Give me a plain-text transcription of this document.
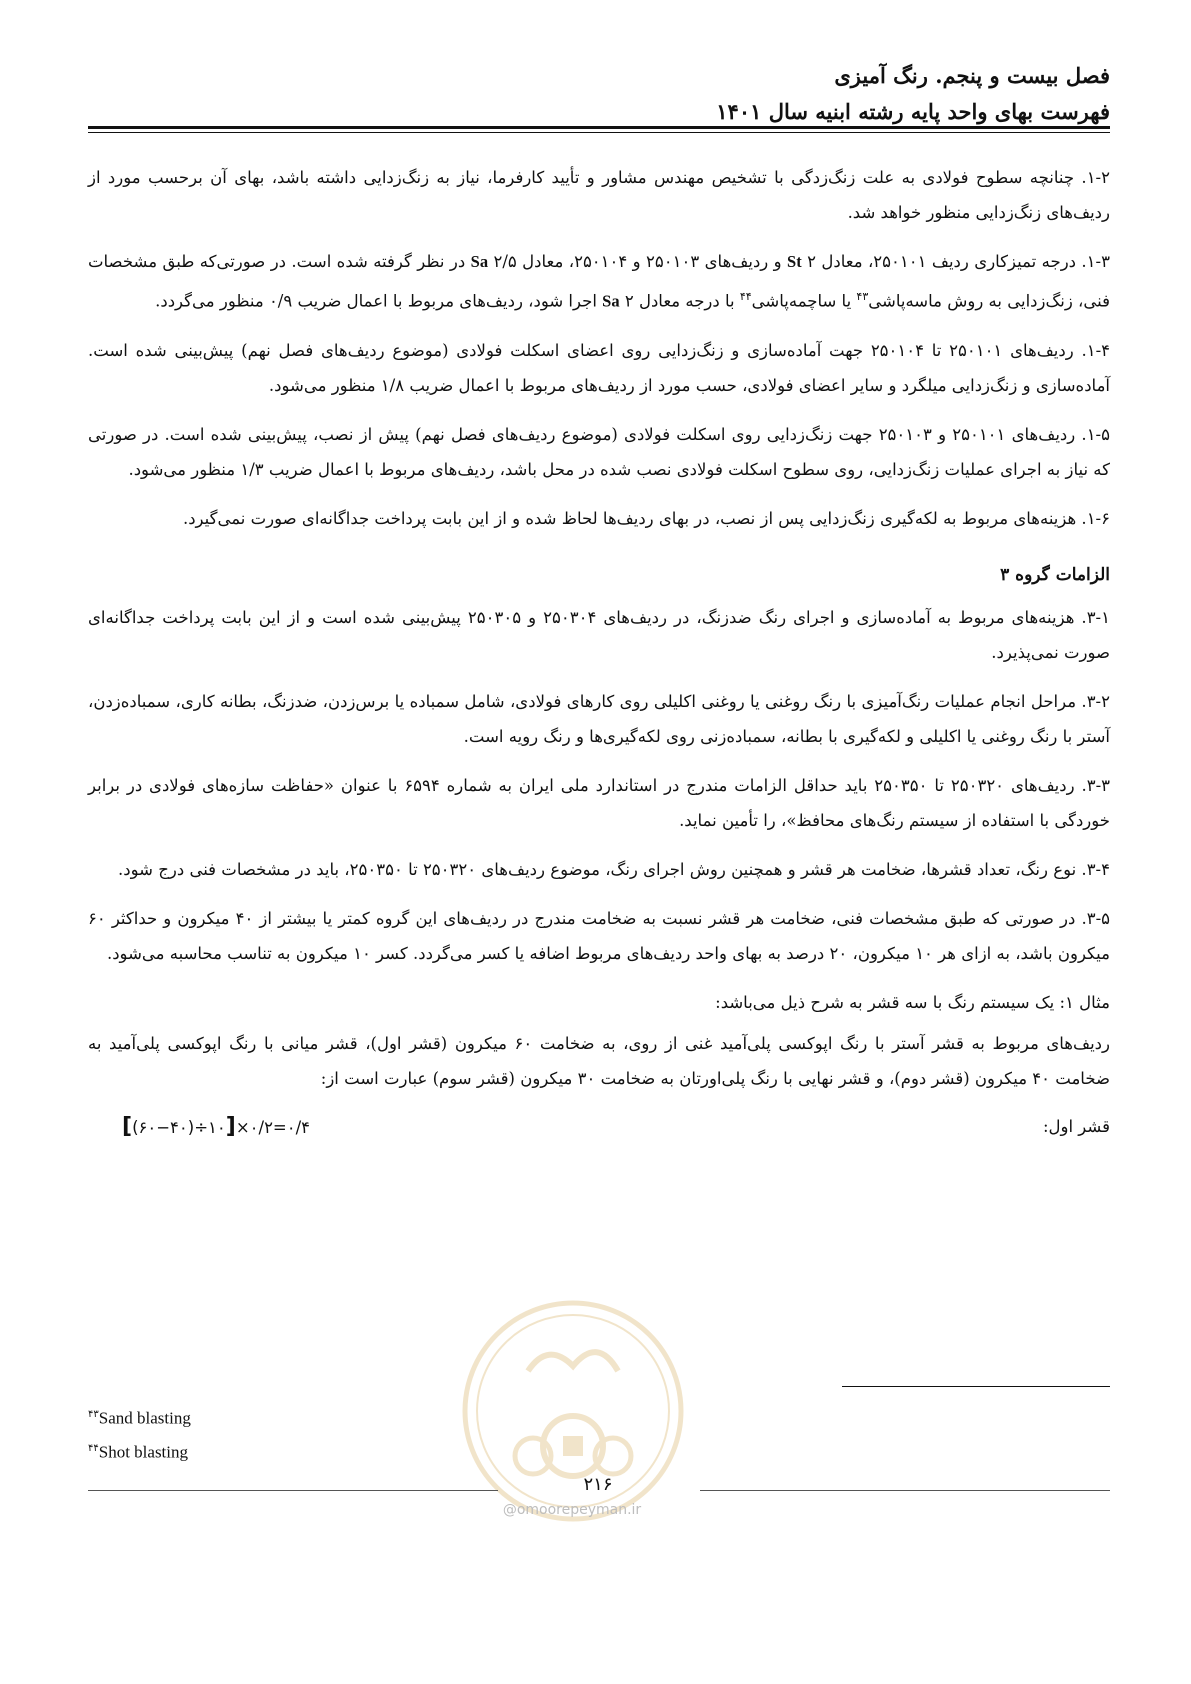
فصل بیست و پنجم. رنگ آمیزی
فهرست بهای واحد پایه رشته ابنیه سال ۱۴۰۱

۱-۲. چنانچه سطوح فولادی به علت زنگ‌زدگی با تشخیص مهندس مشاور و تأیید کارفرما، نیاز به زنگ‌زدایی داشته باشد، بهای آن برحسب مورد از ردیف‌های زنگ‌زدایی منظور خواهد شد.

۱-۳. درجه تمیزکاری ردیف ۲۵۰۱۰۱، معادل ۲ St و ردیف‌های ۲۵۰۱۰۳ و ۲۵۰۱۰۴، معادل ۲/۵ Sa در نظر گرفته شده است. در صورتی‌که طبق مشخصات فنی، زنگ‌زدایی به روش ماسه‌پاشی$^{۴۳}$ یا ساچمه‌پاشی$^{۴۴}$ با درجه معادل ۲ Sa اجرا شود، ردیف‌های مربوط با اعمال ضریب ۰/۹ منظور می‌گردد.

۱-۴. ردیف‌های ۲۵۰۱۰۱ تا ۲۵۰۱۰۴ جهت آماده‌سازی و زنگ‌زدایی روی اعضای اسکلت فولادی (موضوع ردیف‌های فصل نهم) پیش‌بینی شده است. آماده‌سازی و زنگ‌زدایی میلگرد و سایر اعضای فولادی، حسب مورد از ردیف‌های مربوط با اعمال ضریب ۱/۸ منظور می‌شود.

۱-۵. ردیف‌های ۲۵۰۱۰۱ و ۲۵۰۱۰۳ جهت زنگ‌زدایی روی اسکلت فولادی (موضوع ردیف‌های فصل نهم) پیش از نصب، پیش‌بینی شده است. در صورتی که نیاز به اجرای عملیات زنگ‌زدایی، روی سطوح اسکلت فولادی نصب شده در محل باشد، ردیف‌های مربوط با اعمال ضریب ۱/۳ منظور می‌شود.

۱-۶. هزینه‌های مربوط به لکه‌گیری زنگ‌زدایی پس از نصب، در بهای ردیف‌ها لحاظ شده و از این بابت پرداخت جداگانه‌ای صورت نمی‌گیرد.

الزامات گروه ۳

۳-۱. هزینه‌های مربوط به آماده‌سازی و اجرای رنگ ضدزنگ، در ردیف‌های ۲۵۰۳۰۴ و ۲۵۰۳۰۵ پیش‌بینی شده است و از این بابت پرداخت جداگانه‌ای صورت نمی‌پذیرد.

۳-۲. مراحل انجام عملیات رنگ‌آمیزی با رنگ روغنی یا روغنی اکلیلی روی کارهای فولادی، شامل سمباده یا برس‌زدن، ضدزنگ، بطانه کاری، سمباده‌زدن، آستر با رنگ روغنی یا اکلیلی و لکه‌گیری با بطانه، سمباده‌زنی روی لکه‌گیری‌ها و رنگ رویه است.

۳-۳. ردیف‌های ۲۵۰۳۲۰ تا ۲۵۰۳۵۰ باید حداقل الزامات مندرج در استاندارد ملی ایران به شماره ۶۵۹۴ با عنوان «حفاظت سازه‌های فولادی در برابر خوردگی با استفاده از سیستم رنگ‌های محافظ»، را تأمین نماید.

۳-۴. نوع رنگ، تعداد قشرها، ضخامت هر قشر و همچنین روش اجرای رنگ، موضوع ردیف‌های ۲۵۰۳۲۰ تا ۲۵۰۳۵۰، باید در مشخصات فنی درج شود.

۳-۵. در صورتی که طبق مشخصات فنی، ضخامت هر قشر نسبت به ضخامت مندرج در ردیف‌های این گروه کمتر یا بیشتر از ۴۰ میکرون و حداکثر ۶۰ میکرون باشد، به ازای هر ۱۰ میکرون، ۲۰ درصد به بهای واحد ردیف‌های مربوط اضافه یا کسر می‌گردد. کسر ۱۰ میکرون به تناسب محاسبه می‌شود.

مثال ۱: یک سیستم رنگ با سه قشر به شرح ذیل می‌باشد:

ردیف‌های مربوط به قشر آستر با رنگ اپوکسی پلی‌آمید غنی از روی، به ضخامت ۶۰ میکرون (قشر اول)، قشر میانی با رنگ اپوکسی پلی‌آمید به ضخامت ۴۰ میکرون (قشر دوم)، و قشر نهایی با رنگ پلی‌اورتان به ضخامت ۳۰ میکرون (قشر سوم) عبارت است از:

قشر اول:
[(۶۰−۴۰)÷۱۰]×۰/۲=۰/۴
$^{۴۳}$Sand blasting
$^{۴۴}$Shot blasting
۲۱۶
@omoorepeyman.ir
